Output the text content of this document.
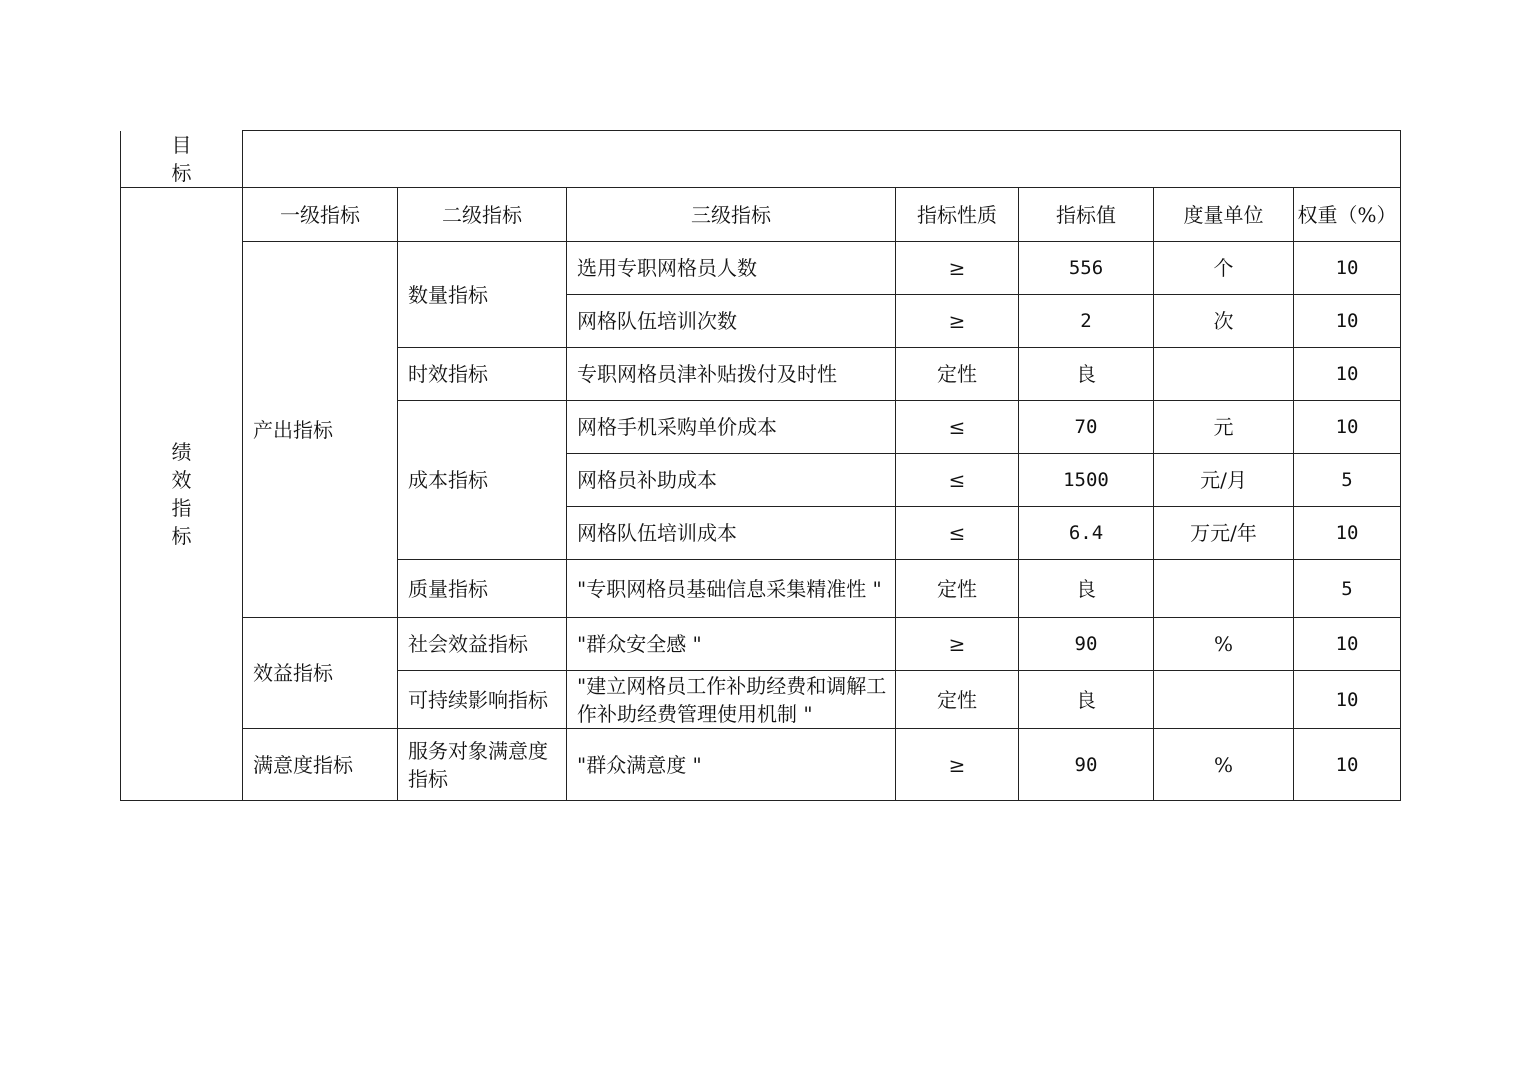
目
标							

绩
效
指
标	一级指标	二级指标	三级指标	指标性质	指标值	度量单位	权重（%）
	产出指标	数量指标	选用专职网格员人数	≥	556	个	10
			网格队伍培训次数	≥	2	次	10
		时效指标	专职网格员津补贴拨付及时性	定性	良		10
		成本指标	网格手机采购单价成本	≤	70	元	10
			网格员补助成本	≤	1500	元/月	5
			网格队伍培训成本	≤	6.4	万元/年	10
		质量指标	"专职网格员基础信息采集精准性 "	定性	良		5
	效益指标	社会效益指标	"群众安全感 "	≥	90	%	10
		可持续影响指标	"建立网格员工作补助经费和调解工作补助经费管理使用机制 "	定性	良		10
	满意度指标	服务对象满意度指标	"群众满意度 "	≥	90	%	10
